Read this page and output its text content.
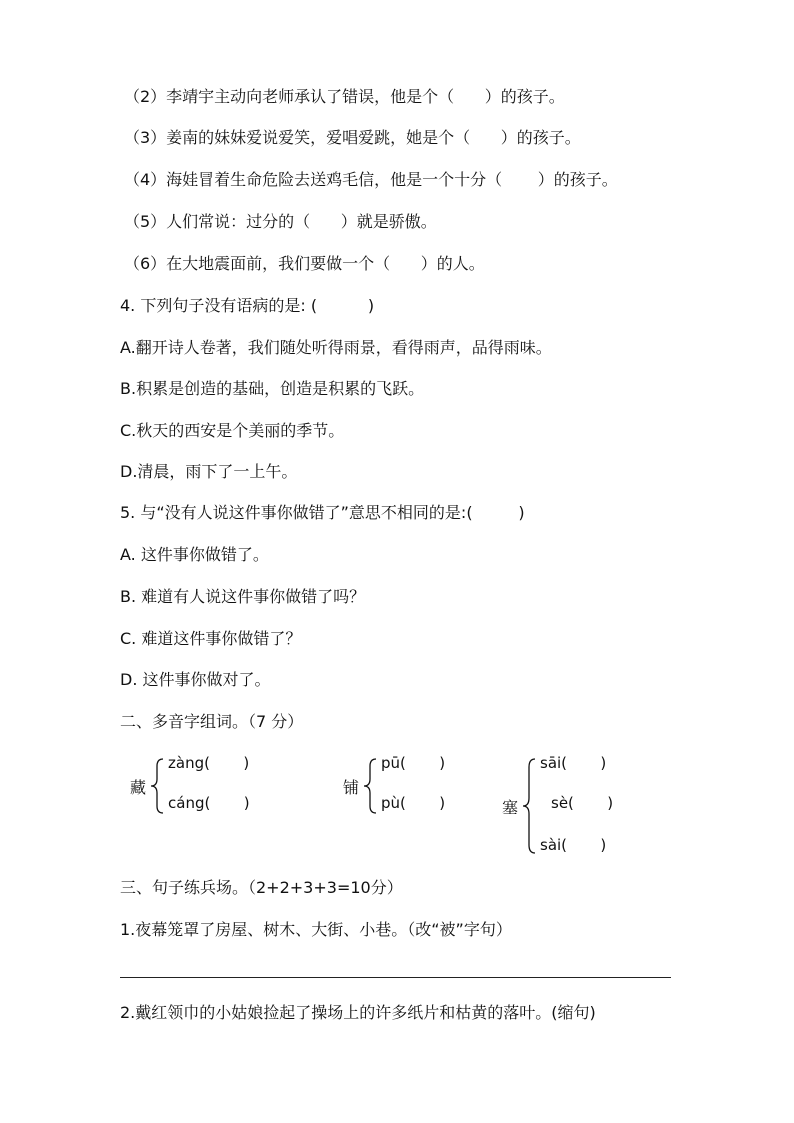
（2）李靖宇主动向老师承认了错误，他是个（      ）的孩子。
（3）姜南的妹妹爱说爱笑，爱唱爱跳，她是个（      ）的孩子。
（4）海娃冒着生命危险去送鸡毛信，他是一个十分（       ）的孩子。
（5）人们常说：过分的（      ）就是骄傲。
（6）在大地震面前，我们要做一个（      ）的人。
4. 下列句子没有语病的是: (          )
A.翻开诗人卷著，我们随处听得雨景，看得雨声，品得雨味。
B.积累是创造的基础，创造是积累的飞跃。
C.秋天的西安是个美丽的季节。
D.清晨，雨下了一上午。
5. 与“没有人说这件事你做错了”意思不相同的是:(         )
A. 这件事你做错了。
B. 难道有人说这件事你做错了吗？
C. 难道这件事你做错了？
D. 这件事你做对了。
二、多音字组词。（7 分）
藏
zàng(       )
cáng(       )
铺
pū(       )
pù(       )	塞
sāi(       )
sè(       )
sài(       )
三、句子练兵场。（2+2+3+3=10分）
1.夜幕笼罩了房屋、树木、大街、小巷。（改“被”字句）
2.戴红领巾的小姑娘捡起了操场上的许多纸片和枯黄的落叶。(缩句)
